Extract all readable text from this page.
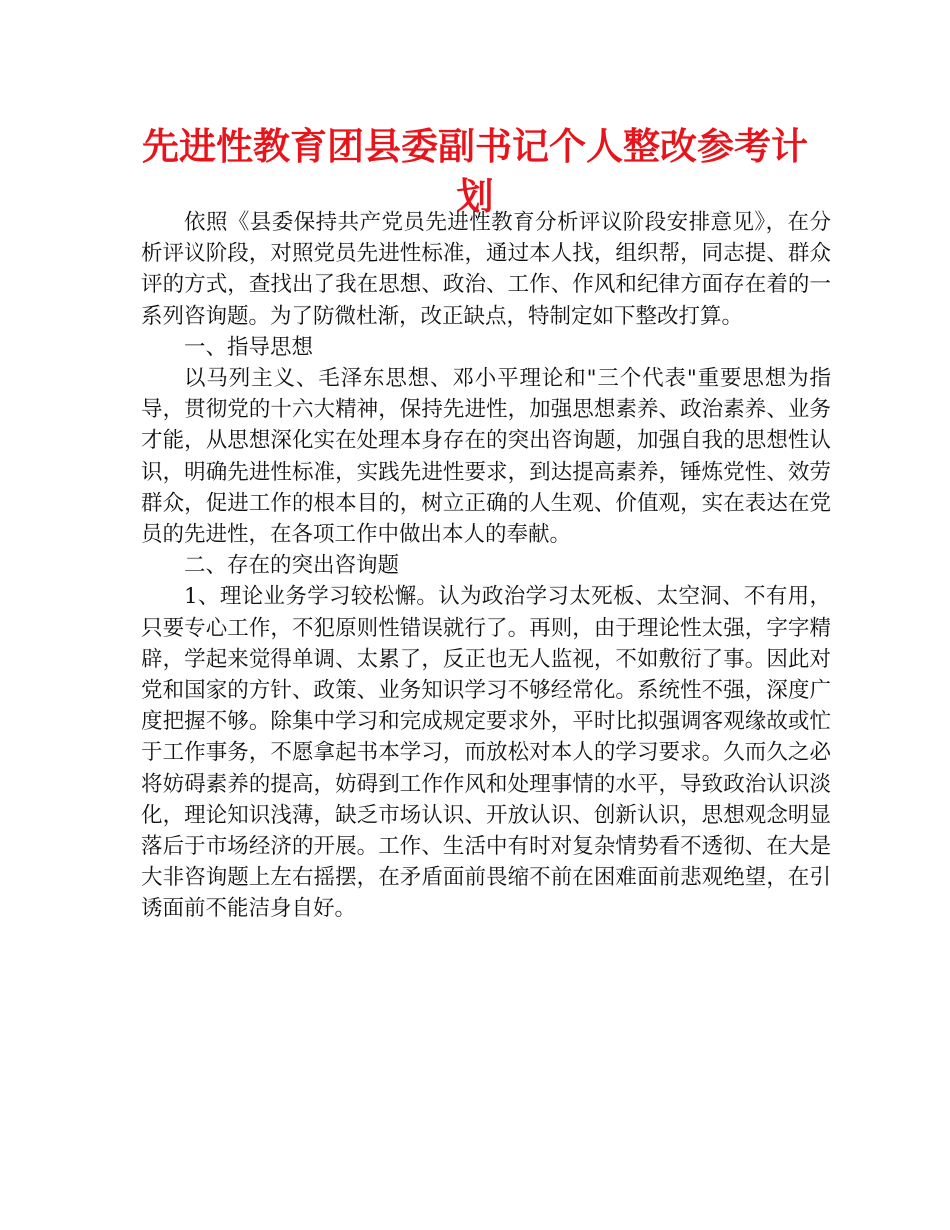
先进性教育团县委副书记个人整改参考计划

依照《县委保持共产党员先进性教育分析评议阶段安排意见》，在分析评议阶段，对照党员先进性标准，通过本人找，组织帮，同志提、群众评的方式，查找出了我在思想、政治、工作、作风和纪律方面存在着的一系列咨询题。为了防微杜渐，改正缺点，特制定如下整改打算。

一、指导思想

以马列主义、毛泽东思想、邓小平理论和"三个代表"重要思想为指导，贯彻党的十六大精神，保持先进性，加强思想素养、政治素养、业务才能，从思想深化实在处理本身存在的突出咨询题，加强自我的思想性认识，明确先进性标准，实践先进性要求，到达提高素养，锤炼党性、效劳群众，促进工作的根本目的，树立正确的人生观、价值观，实在表达在党员的先进性，在各项工作中做出本人的奉献。

二、存在的突出咨询题

1、理论业务学习较松懈。认为政治学习太死板、太空洞、不有用，只要专心工作，不犯原则性错误就行了。再则，由于理论性太强，字字精辟，学起来觉得单调、太累了，反正也无人监视，不如敷衍了事。因此对党和国家的方针、政策、业务知识学习不够经常化。系统性不强，深度广度把握不够。除集中学习和完成规定要求外，平时比拟强调客观缘故或忙于工作事务，不愿拿起书本学习，而放松对本人的学习要求。久而久之必将妨碍素养的提高，妨碍到工作作风和处理事情的水平，导致政治认识淡化，理论知识浅薄，缺乏市场认识、开放认识、创新认识，思想观念明显落后于市场经济的开展。工作、生活中有时对复杂情势看不透彻、在大是大非咨询题上左右摇摆，在矛盾面前畏缩不前在困难面前悲观绝望，在引诱面前不能洁身自好。
